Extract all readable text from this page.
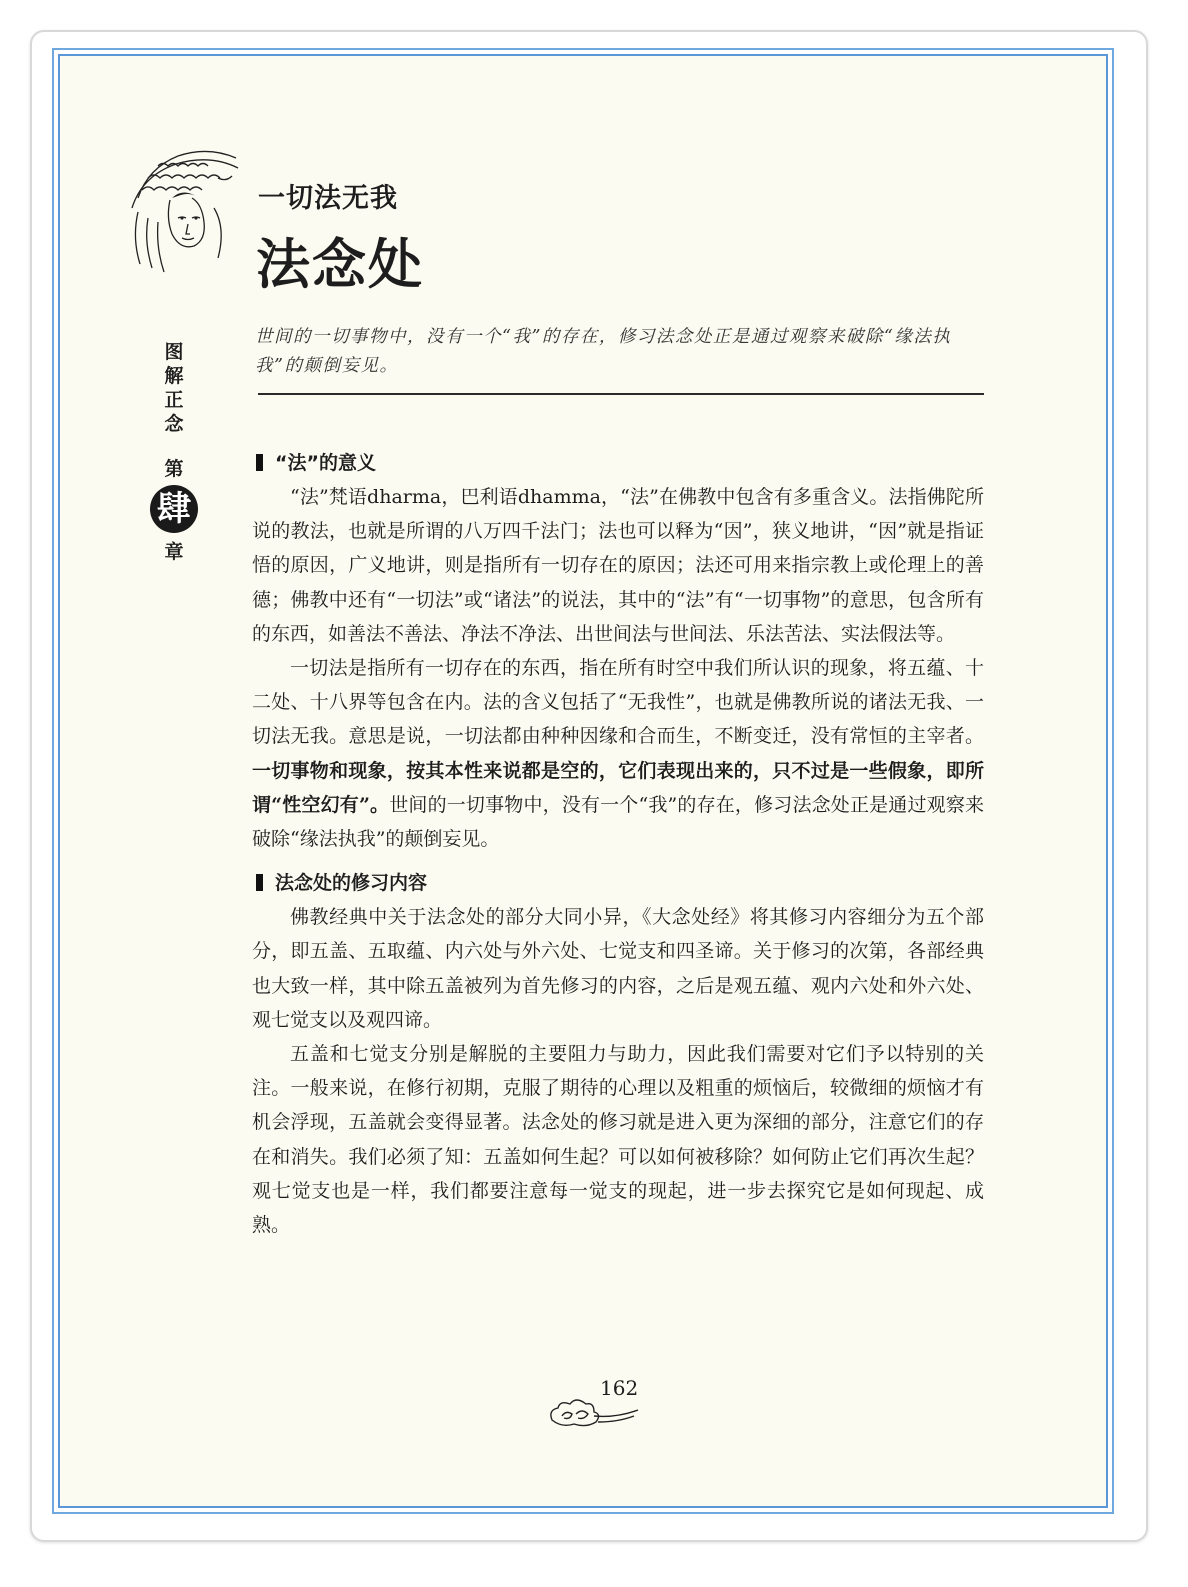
一切法无我
法念处
世间的一切事物中，没有一个“我”的存在，修习法念处正是通过观察来破除“缘法执我”的颠倒妄见。
图
解
正
念
第
肆
章
“法”的意义

“法”梵语dharma，巴利语dhamma，“法”在佛教中包含有多重含义。法指佛陀所说的教法，也就是所谓的八万四千法门；法也可以释为“因”，狭义地讲，“因”就是指证悟的原因，广义地讲，则是指所有一切存在的原因；法还可用来指宗教上或伦理上的善德；佛教中还有“一切法”或“诸法”的说法，其中的“法”有“一切事物”的意思，包含所有的东西，如善法不善法、净法不净法、出世间法与世间法、乐法苦法、实法假法等。

一切法是指所有一切存在的东西，指在所有时空中我们所认识的现象，将五蕴、十二处、十八界等包含在内。法的含义包括了“无我性”，也就是佛教所说的诸法无我、一切法无我。意思是说，一切法都由种种因缘和合而生，不断变迁，没有常恒的主宰者。一切事物和现象，按其本性来说都是空的，它们表现出来的，只不过是一些假象，即所谓“性空幻有”。世间的一切事物中，没有一个“我”的存在，修习法念处正是通过观察来破除“缘法执我”的颠倒妄见。

法念处的修习内容

佛教经典中关于法念处的部分大同小异，《大念处经》将其修习内容细分为五个部分，即五盖、五取蕴、内六处与外六处、七觉支和四圣谛。关于修习的次第，各部经典也大致一样，其中除五盖被列为首先修习的内容，之后是观五蕴、观内六处和外六处、观七觉支以及观四谛。

五盖和七觉支分别是解脱的主要阻力与助力，因此我们需要对它们予以特别的关注。一般来说，在修行初期，克服了期待的心理以及粗重的烦恼后，较微细的烦恼才有机会浮现，五盖就会变得显著。法念处的修习就是进入更为深细的部分，注意它们的存在和消失。我们必须了知：五盖如何生起？可以如何被移除？如何防止它们再次生起？观七觉支也是一样，我们都要注意每一觉支的现起，进一步去探究它是如何现起、成熟。

162
